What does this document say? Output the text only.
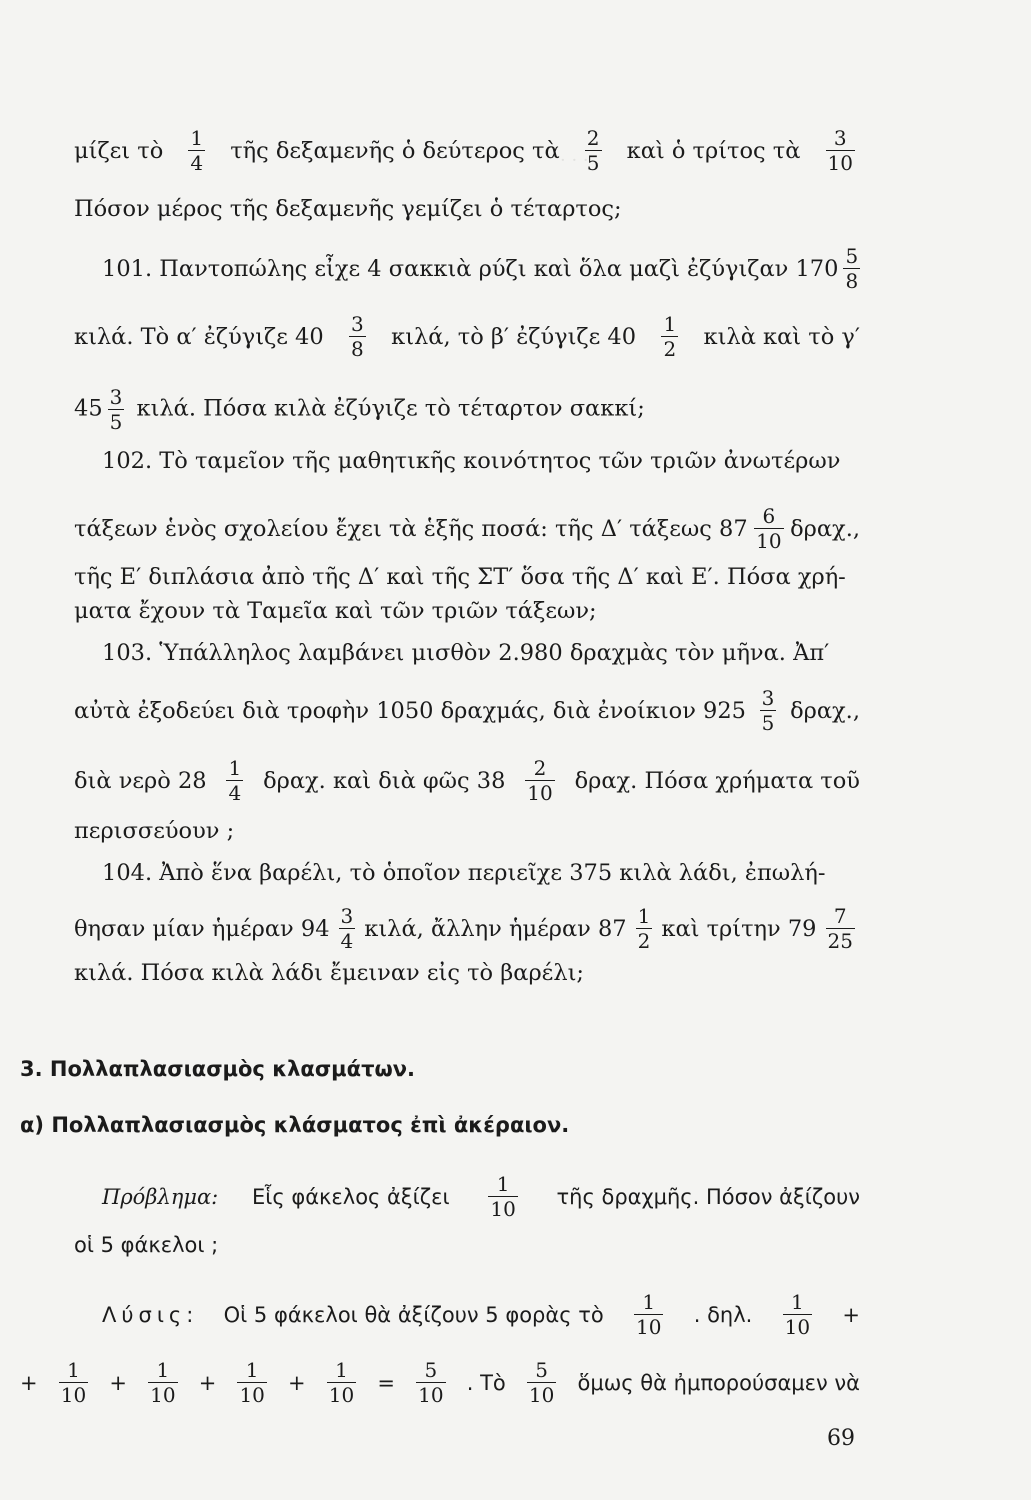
· · ·
μίζει τὸ $\frac{1}{4}$ τῆς δεξαμενῆς ὁ δεύτερος τὰ $\frac{2}{5}$ καὶ ὁ τρίτος τὰ $\frac{3}{10}$
Πόσον μέρος τῆς δεξαμενῆς γεμίζει ὁ τέταρτος;
101. Παντοπώλης εἶχε 4 σακκιὰ ρύζι καὶ ὅλα μαζὶ ἐζύγιζαν $170 \frac{5}{8}$
κιλά. Τὸ α′ ἐζύγιζε $40 \frac{3}{8} \kappa\iota\lambda ά$, τὸ β′ ἐζύγιζε $40 \frac{1}{2}$ κιλὰ καὶ τὸ γ′
$45 \frac{3}{5} \kappa\iota\lambda ά$. Πόσα κιλὰ ἐζύγιζε τὸ τέταρτον σακκί;
102. Τὸ ταμεῖον τῆς μαθητικῆς κοινότητος τῶν τριῶν ἀνωτέρων
τάξεων ἑνὸς σχολείου ἔχει τὰ ἑξῆς ποσά: τῆς Δ′ τάξεως $87 \frac{6}{10} \delta\rho\alpha\chi$.,
τῆς Ε′ διπλάσια ἀπὸ τῆς Δ′ καὶ τῆς ΣΤ′ ὅσα τῆς Δ′ καὶ Ε′. Πόσα χρή-
ματα ἔχουν τὰ Ταμεῖα καὶ τῶν τριῶν τάξεων;
103. Ὑπάλληλος λαμβάνει μισθὸν 2.980 δραχμὰς τὸν μῆνα. Ἀπ′
αὐτὰ ἐξοδεύει διὰ τροφὴν 1050 δραχμάς, διὰ ἐνοίκιον $925 \frac{3}{5} \delta\rho\alpha\chi$.,
διὰ νερὸ $28 \frac{1}{4} \delta\rho\alpha\chi$. καὶ διὰ φῶς $38 \frac{2}{10} \delta\rho\alpha\chi$. Πόσα χρήματα τοῦ
περισσεύουν ;
104. Ἀπὸ ἕνα βαρέλι, τὸ ὁποῖον περιεῖχε 375 κιλὰ λάδι, ἐπωλή-
θησαν μίαν ἡμέραν $94 \frac{3}{4} \kappa\iota\lambda ά$, ἄλλην ἡμέραν $87 \frac{1}{2}$ καὶ τρίτην $79 \frac{7}{25}$
κιλά. Πόσα κιλὰ λάδι ἔμειναν εἰς τὸ βαρέλι;
3. Πολλαπλασιασμὸς κλασμάτων.
α) Πολλαπλασιασμὸς κλάσματος ἐπὶ ἀκέραιον.
Πρόβλημα: Εἷς φάκελος ἀξίζει $\frac{1}{10}$ τῆς δραχμῆς. Πόσον ἀξίζουν
οἱ 5 φάκελοι ;
Λύσις: Οἱ 5 φάκελοι θὰ ἀξίζουν 5 φορὰς τὸ $\frac{1}{10}$ . δηλ. $\frac{1}{10}$ +
+ $\frac{1}{10} + \frac{1}{10} + \frac{1}{10} + \frac{1}{10} = \frac{5}{10}$ . Τὸ $\frac{5}{10}$ ὅμως θὰ ἠμπορούσαμεν νὰ
69
